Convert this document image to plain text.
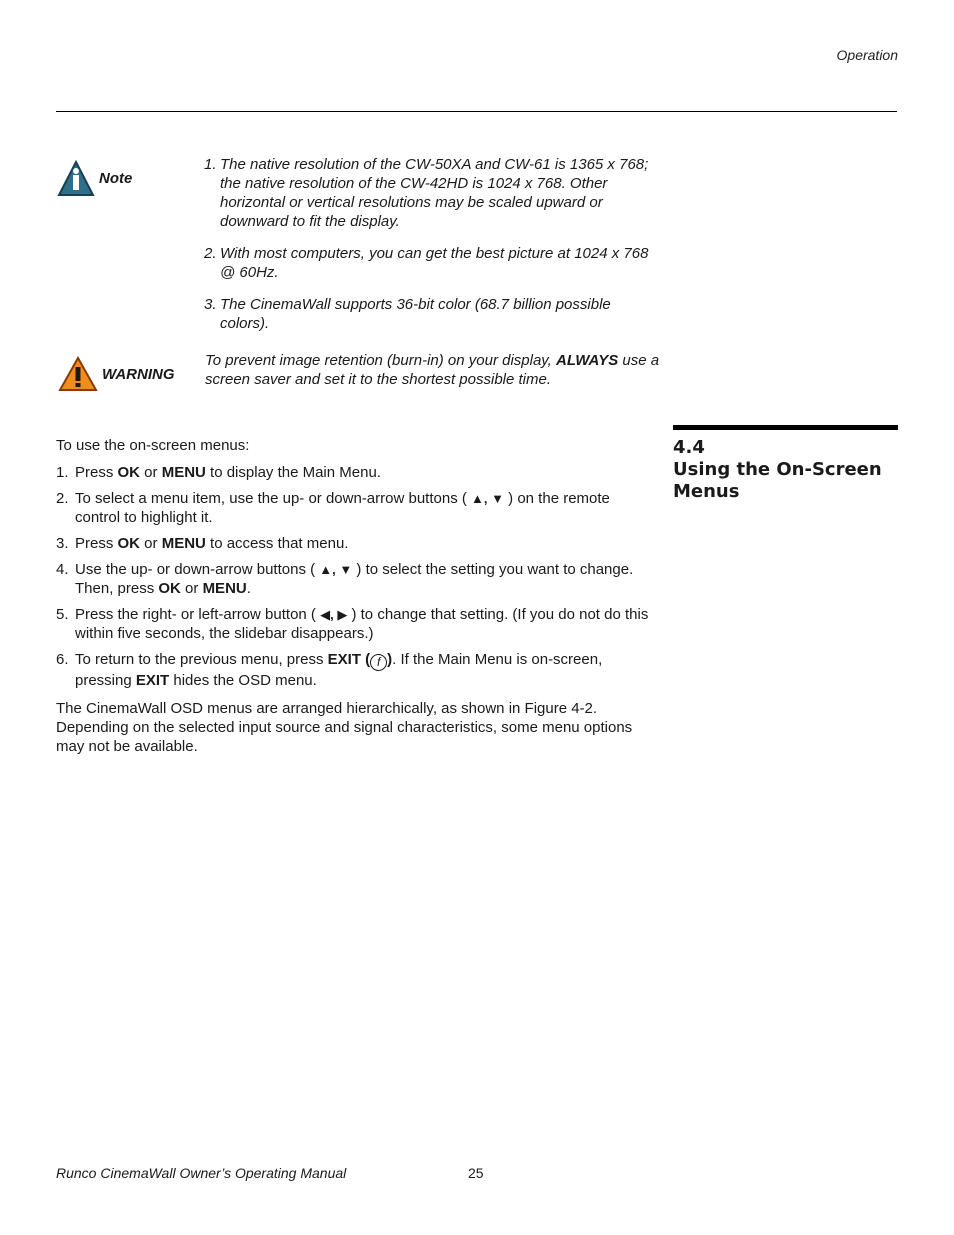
Operation
Note
1. The native resolution of the CW-50XA and CW-61 is 1365 x 768; the native resolution of the CW-42HD is 1024 x 768. Other horizontal or vertical resolutions may be scaled upward or downward to fit the display.
2. With most computers, you can get the best picture at 1024 x 768 @ 60Hz.
3. The CinemaWall supports 36-bit color (68.7 billion possible colors).
WARNING
To prevent image retention (burn-in) on your display, ALWAYS use a screen saver and set it to the shortest possible time.
4.4
Using the On-Screen Menus
To use the on-screen menus:
1. Press OK or MENU to display the Main Menu.
2. To select a menu item, use the up- or down-arrow buttons ( ▲, ▼ ) on the remote control to highlight it.
3. Press OK or MENU to access that menu.
4. Use the up- or down-arrow buttons ( ▲, ▼ ) to select the setting you want to change. Then, press OK or MENU.
5. Press the right- or left-arrow button ( ◀, ▶ ) to change that setting. (If you do not do this within five seconds, the slidebar disappears.)
6. To return to the previous menu, press EXIT ( f ). If the Main Menu is on-screen, pressing EXIT hides the OSD menu.
The CinemaWall OSD menus are arranged hierarchically, as shown in Figure 4-2. Depending on the selected input source and signal characteristics, some menu options may not be available.
Runco CinemaWall Owner’s Operating Manual	25
